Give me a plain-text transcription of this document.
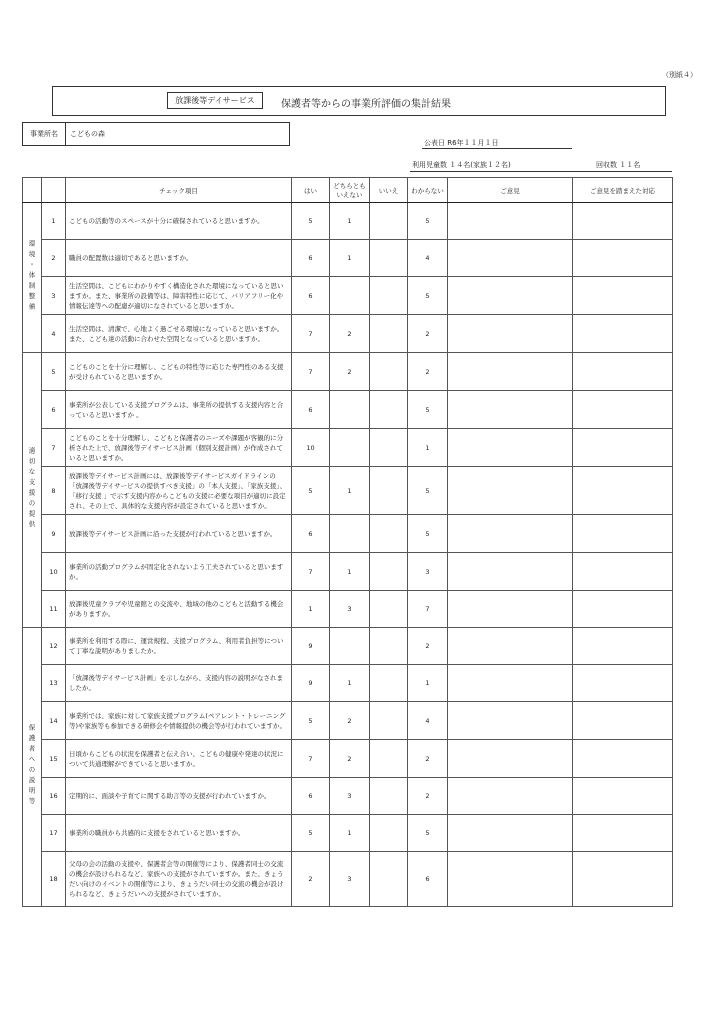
（別紙４）
放課後等デイサービス	保護者等からの事業所評価の集計結果
事業所名	こどもの森
公表日 R6年１１月１日
利用児童数 １４名(家族１２名)	回収数 １１名
		チェック項目	はい	どちらとも いえない	いいえ	わからない	ご意見	ご意見を踏まえた対応
環境・体制整備	1	こどもの活動等のスペースが十分に確保されていると思いますか。	5	1		5		
	2	職員の配置数は適切であると思いますか。	6	1		4		
	3	生活空間は、こどもにわかりやすく構造化された環境になっていると思いますか。また、事業所の設備等は、障害特性に応じて、バリアフリー化や情報伝達等への配慮が適切になされていると思いますか。	6			5		
	4	生活空間は、清潔で、心地よく過ごせる環境になっていると思いますか。また、こども達の活動に合わせた空間となっていると思いますか。	7	2		2		
適切な支援の提供	5	こどものことを十分に理解し、こどもの特性等に応じた専門性のある支援が受けられていると思いますか。	7	2		2		
	6	事業所が公表している支援プログラムは、事業所の提供する支援内容と合っていると思いますか 。	6			5		
	7	こどものことを十分理解し、こどもと保護者のニーズや課題が客観的に分析された上で、放課後等デイサービス計画（個別支援計画）が作成されていると思いますか。	10			1		
	8	放課後等デイサービス計画には、放課後等デイサービスガイドラインの「放課後等デイサービスの提供すべき支援」の「本人支援」、「家族支援」、「移行支援 」で示す支援内容からこどもの支援に必要な項目が適切に設定され、その上で、具体的な支援内容が設定されていると思いますか。	5	1		5		
	9	放課後等デイサービス計画に沿った支援が行われていると思いますか。	6			5		
	10	事業所の活動プログラムが固定化されないよう工夫されていると思いますか。	7	1		3		
	11	放課後児童クラブや児童館との交流や、地域の他のこどもと活動する機会がありますか。	1	3		7		
保護者への説明等	12	事業所を利用する際に、運営規程、支援プログラム、利用者負担等について丁寧な説明がありましたか。	9			2		
	13	「放課後等デイサービス計画」を示しながら、支援内容の説明がなされましたか。	9	1		1		
	14	事業所では、家族に対して家族支援プログラム(ペアレント・トレーニング等)や家族等も参加できる研修会や情報提供の機会等が行われていますか。	5	2		4		
	15	日頃からこどもの状況を保護者と伝え合い、こどもの健康や発達の状況について共通理解ができていると思いますか。	7	2		2		
	16	定期的に、面談や子育てに関する助言等の支援が行われていますか。	6	3		2		
	17	事業所の職員から共感的に支援をされていると思いますか。	5	1		5		
	18	父母の会の活動の支援や、保護者会等の開催等により、保護者同士の交流の機会が設けられるなど、家族への支援がされていますか。また、きょうだい向けのイベントの開催等により、きょうだい同士の交流の機会が設けられるなど、きょうだいへの支援がされていますか。	2	3		6		
